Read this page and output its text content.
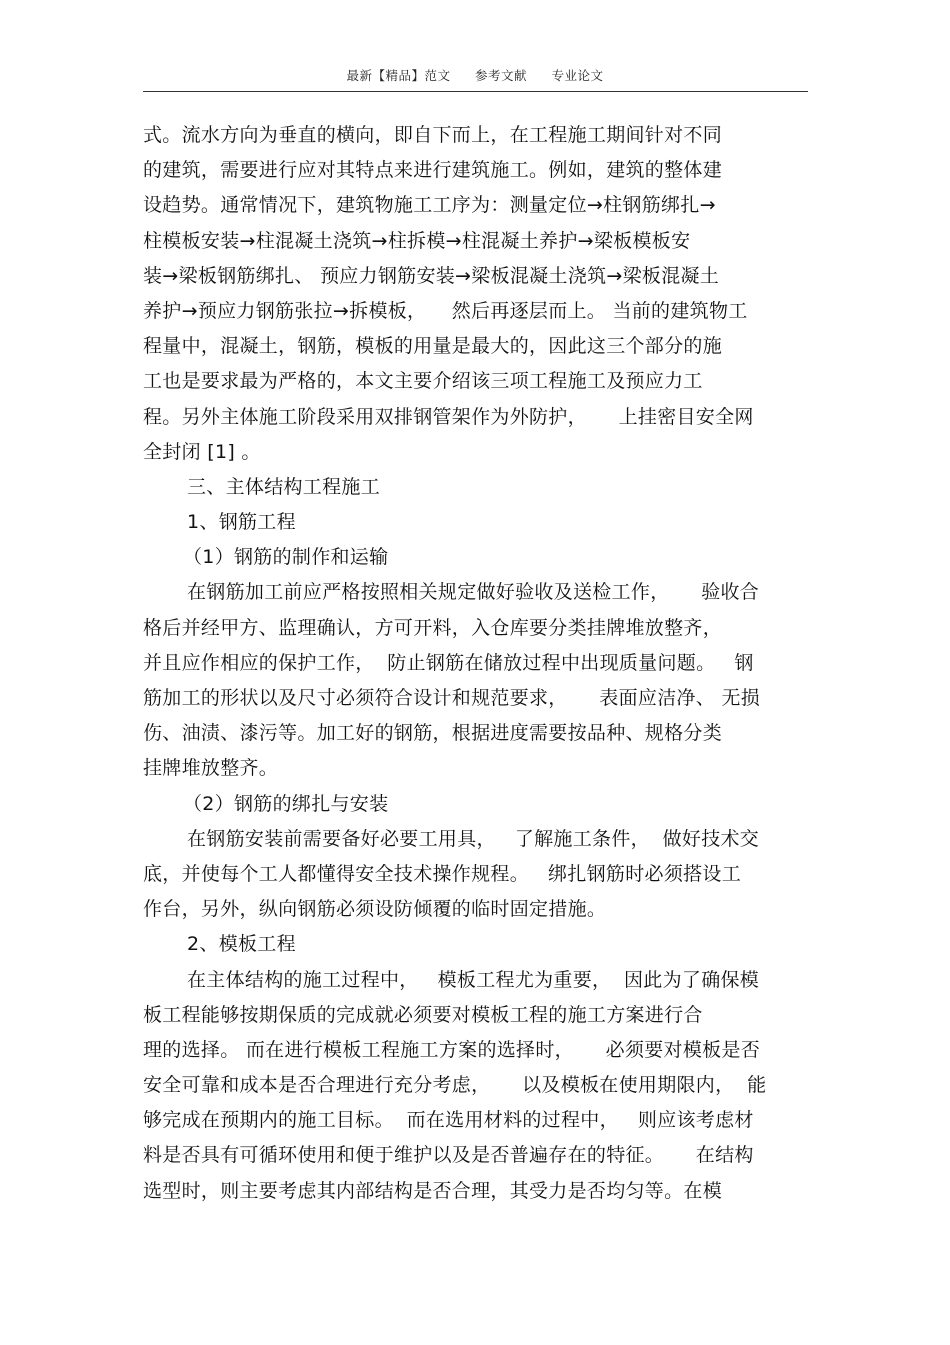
最新【精品】范文 参考文献 专业论文
式。流水方向为垂直的横向，即自下而上，在工程施工期间针对不同
的建筑，需要进行应对其特点来进行建筑施工。例如，建筑的整体建
设趋势。通常情况下，建筑物施工工序为：测量定位→柱钢筋绑扎→
柱模板安装→柱混凝土浇筑→柱拆模→柱混凝土养护→梁板模板安
装→梁板钢筋绑扎、 预应力钢筋安装→梁板混凝土浇筑→梁板混凝土
养护→预应力钢筋张拉→拆模板，    然后再逐层而上。 当前的建筑物工
程量中，混凝土，钢筋，模板的用量是最大的，因此这三个部分的施
工也是要求最为严格的，本文主要介绍该三项工程施工及预应力工
程。另外主体施工阶段采用双排钢管架作为外防护，     上挂密目安全网
全封闭 [1] 。
三、主体结构工程施工
1、钢筋工程
（1）钢筋的制作和运输
在钢筋加工前应严格按照相关规定做好验收及送检工作，     验收合
格后并经甲方、监理确认，方可开料，入仓库要分类挂牌堆放整齐，
并且应作相应的保护工作，  防止钢筋在储放过程中出现质量问题。   钢
筋加工的形状以及尺寸必须符合设计和规范要求，     表面应洁净、 无损
伤、油渍、漆污等。加工好的钢筋，根据进度需要按品种、规格分类
挂牌堆放整齐。
（2）钢筋的绑扎与安装
在钢筋安装前需要备好必要工用具，   了解施工条件，  做好技术交
底，并使每个工人都懂得安全技术操作规程。   绑扎钢筋时必须搭设工
作台，另外，纵向钢筋必须设防倾覆的临时固定措施。
2、模板工程
在主体结构的施工过程中，   模板工程尤为重要，  因此为了确保模
板工程能够按期保质的完成就必须要对模板工程的施工方案进行合
理的选择。 而在进行模板工程施工方案的选择时，     必须要对模板是否
安全可靠和成本是否合理进行充分考虑，     以及模板在使用期限内，  能
够完成在预期内的施工目标。  而在选用材料的过程中，   则应该考虑材
料是否具有可循环使用和便于维护以及是否普遍存在的特征。     在结构
选型时，则主要考虑其内部结构是否合理，其受力是否均匀等。在模
